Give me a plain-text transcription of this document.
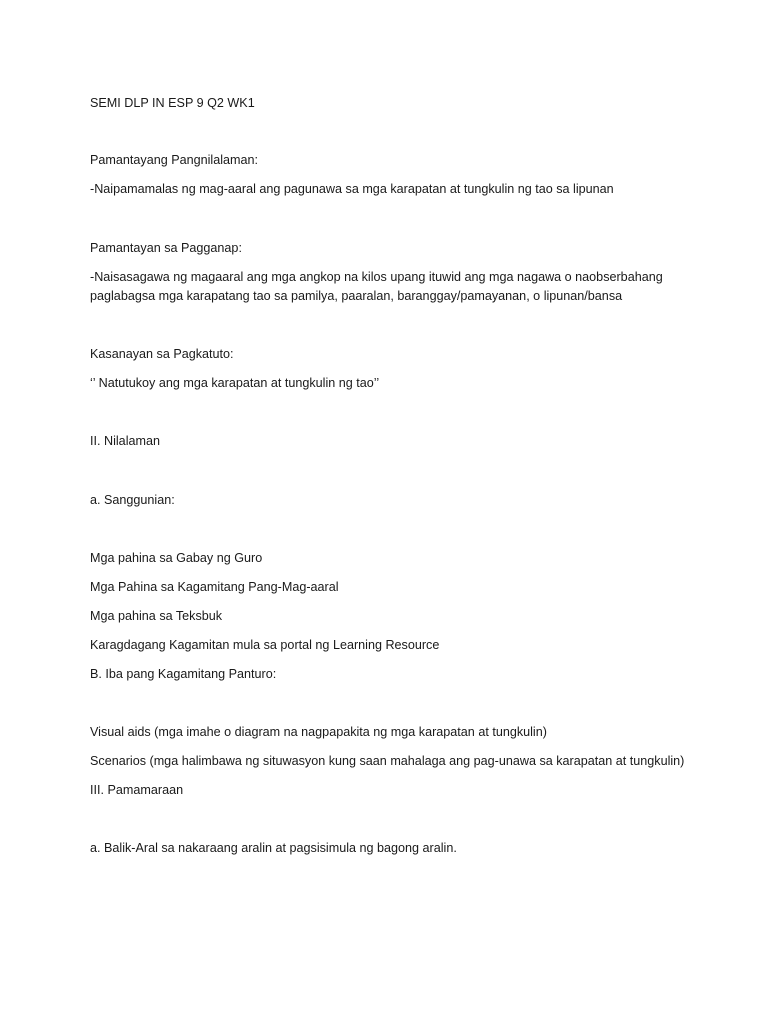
SEMI DLP IN ESP 9 Q2 WK1
Pamantayang Pangnilalaman:
-Naipamamalas ng mag-aaral ang pagunawa sa mga karapatan at tungkulin ng tao sa lipunan
Pamantayan sa Pagganap:
-Naisasagawa ng magaaral ang mga angkop na kilos upang ituwid ang mga nagawa o naobserbahang
paglabagsa mga karapatang tao sa pamilya, paaralan, baranggay/pamayanan, o lipunan/bansa
Kasanayan sa Pagkatuto:
‘’ Natutukoy ang mga karapatan at tungkulin ng tao’’
II. Nilalaman
a. Sanggunian:
Mga pahina sa Gabay ng Guro
Mga Pahina sa Kagamitang Pang-Mag-aaral
Mga pahina sa Teksbuk
Karagdagang Kagamitan mula sa portal ng Learning Resource
B. Iba pang Kagamitang Panturo:
Visual aids (mga imahe o diagram na nagpapakita ng mga karapatan at tungkulin)
Scenarios (mga halimbawa ng situwasyon kung saan mahalaga ang pag-unawa sa karapatan at tungkulin)
III. Pamamaraan
a. Balik-Aral sa nakaraang aralin at pagsisimula ng bagong aralin.
